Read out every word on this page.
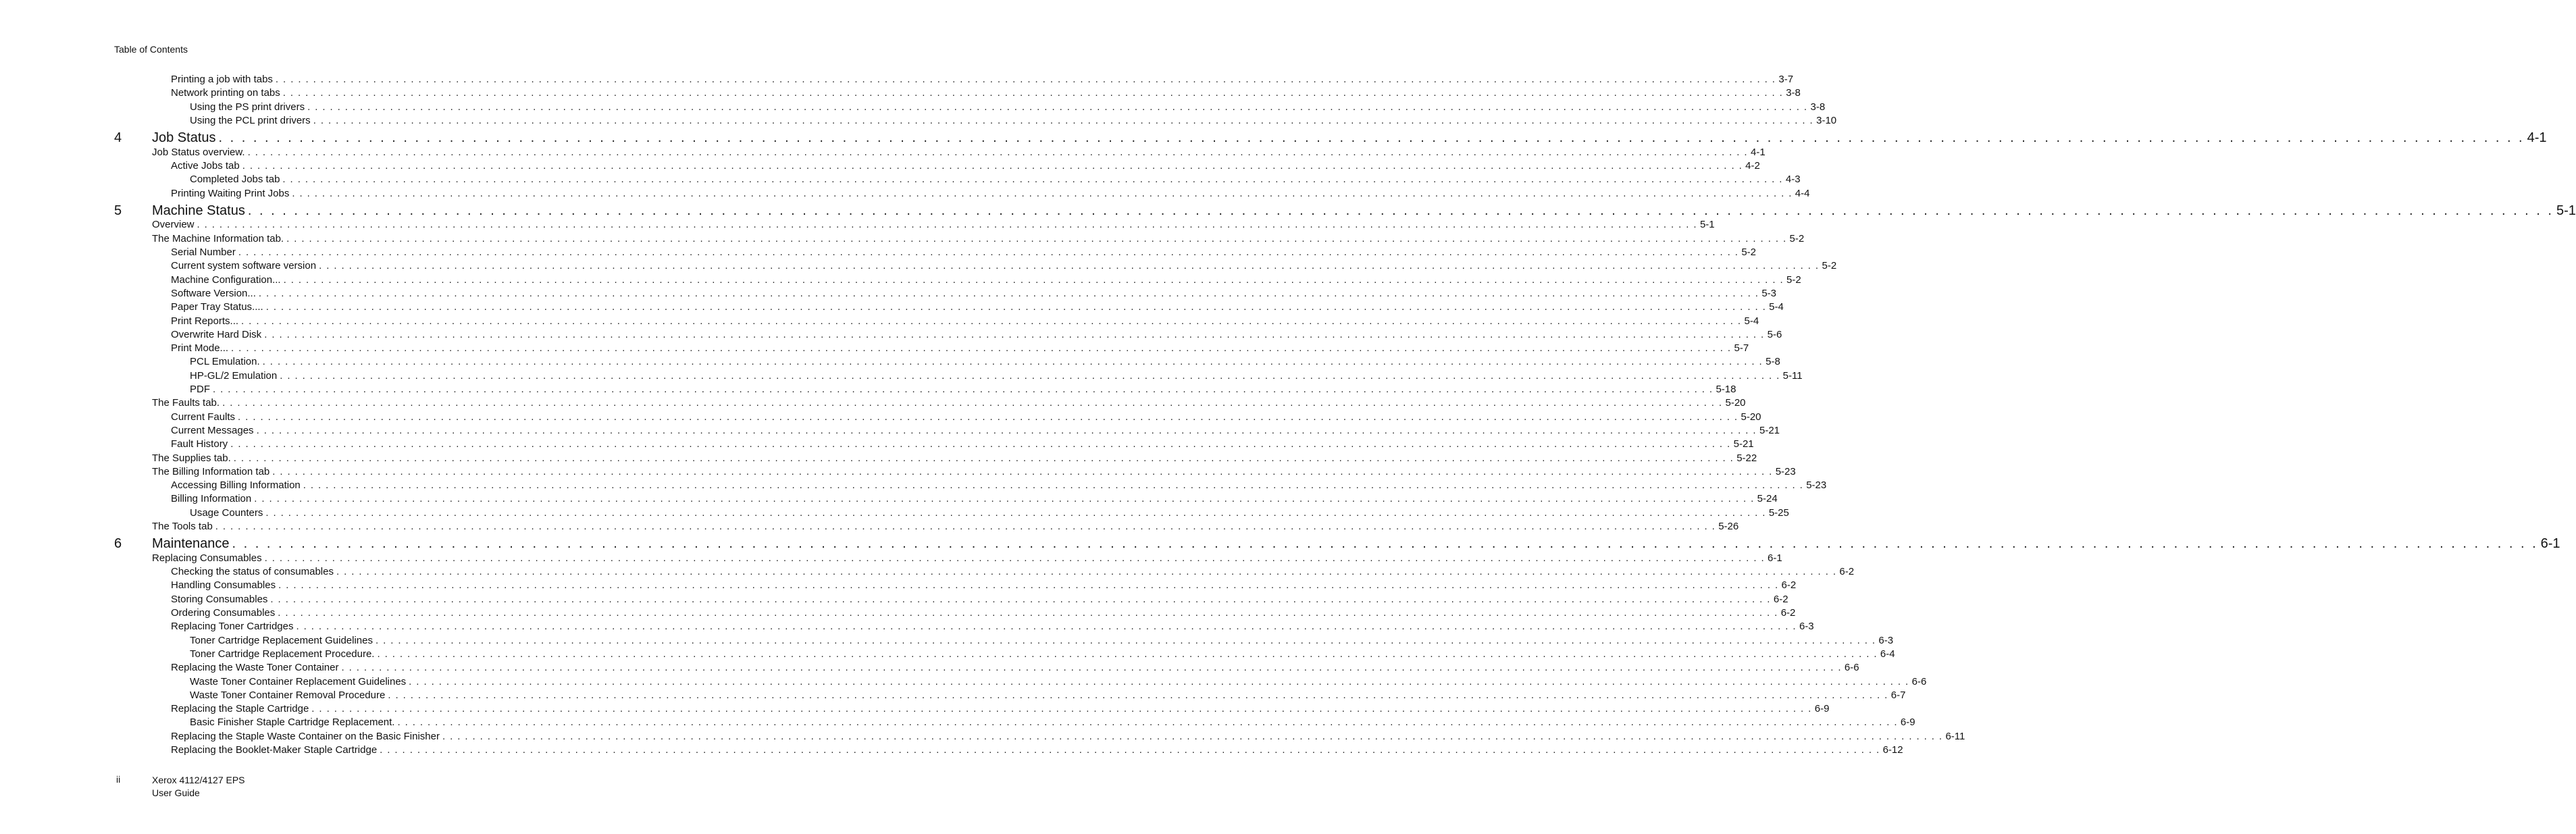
Table of Contents
Printing a job with tabs . . . . . . . . . . . . . . . . . . . . . . . . . . . . . . . . . . . . . . . . . . . . . . . . . . . . . . . . . . . . . . . . . . . . . . . . . . . . . . . . . . . . . . . . . . . . . . . . . . . . . . . . . . . . . . . . . . . . . . . . . . . . . . . . . . . . . . . . . . . . . . . . . . . . . . . . . . . . . . . . . . . . . . . . . . . . . . . . . . . . . . . . . . . . . . . . . . . . . . . . 3-7
Network printing on tabs . . . . . . . . . . . . . . . . . . . . . . . . . . . . . . . . . . . . . . . . . . . . . . . . . . . . . . . . . . . . . . . . . . . . . . . . . . . . . . . . . . . . . . . . . . . . . . . . . . . . . . . . . . . . . . . . . . . . . . . . . . . . . . . . . . . . . . . . . . . . . . . . . . . . . . . . . . . . . . . . . . . . . . . . . . . . . . . . . . . . . . . . . . . . . . . . . . . . . . . . 3-8
Using the PS print drivers . . . . . . . . . . . . . . . . . . . . . . . . . . . . . . . . . . . . . . . . . . . . . . . . . . . . . . . . . . . . . . . . . . . . . . . . . . . . . . . . . . . . . . . . . . . . . . . . . . . . . . . . . . . . . . . . . . . . . . . . . . . . . . . . . . . . . . . . . . . . . . . . . . . . . . . . . . . . . . . . . . . . . . . . . . . . . . . . . . . . . . . . . . . . . . . . . . . . . . . . 3-8
Using the PCL print drivers . . . . . . . . . . . . . . . . . . . . . . . . . . . . . . . . . . . . . . . . . . . . . . . . . . . . . . . . . . . . . . . . . . . . . . . . . . . . . . . . . . . . . . . . . . . . . . . . . . . . . . . . . . . . . . . . . . . . . . . . . . . . . . . . . . . . . . . . . . . . . . . . . . . . . . . . . . . . . . . . . . . . . . . . . . . . . . . . . . . . . . . . . . . . . . . . . . . . . . . . 3-10
4 Job Status . . . . . . . . . . . . . . . . . . . . . . . . . . . . . . . . . . . . . . . . . . . . . . . . . . . . . . . . . . . . . . . . . . . . . . . . . . . . . . . . . . . . . . . . . . . . . . . . . . . . . . . . . . . . . . . . . . . . . . . . . . . . . . . . . . . . . . . . . . . . . . . . . . . . . . . . . . . . . . . . . . . . . . . . . . . . . . . . . . . . . . . . . . . . . . . . . . . . . . . . 4-1
Job Status overview. . . . . . . . . . . . . . . . . . . . . . . . . . . . . . . . . . . . . . . . . . . . . . . . . . . . . . . . . . . . . . . . . . . . . . . . . . . . . . . . . . . . . . . . . . . . . . . . . . . . . . . . . . . . . . . . . . . . . . . . . . . . . . . . . . . . . . . . . . . . . . . . . . . . . . . . . . . . . . . . . . . . . . . . . . . . . . . . . . . . . . . . . . . . . . . . . . . . . . . . . 4-1
Active Jobs tab . . . . . . . . . . . . . . . . . . . . . . . . . . . . . . . . . . . . . . . . . . . . . . . . . . . . . . . . . . . . . . . . . . . . . . . . . . . . . . . . . . . . . . . . . . . . . . . . . . . . . . . . . . . . . . . . . . . . . . . . . . . . . . . . . . . . . . . . . . . . . . . . . . . . . . . . . . . . . . . . . . . . . . . . . . . . . . . . . . . . . . . . . . . . . . . . . . . . . . . . 4-2
Completed Jobs tab . . . . . . . . . . . . . . . . . . . . . . . . . . . . . . . . . . . . . . . . . . . . . . . . . . . . . . . . . . . . . . . . . . . . . . . . . . . . . . . . . . . . . . . . . . . . . . . . . . . . . . . . . . . . . . . . . . . . . . . . . . . . . . . . . . . . . . . . . . . . . . . . . . . . . . . . . . . . . . . . . . . . . . . . . . . . . . . . . . . . . . . . . . . . . . . . . . . . . . . . 4-3
Printing Waiting Print Jobs . . . . . . . . . . . . . . . . . . . . . . . . . . . . . . . . . . . . . . . . . . . . . . . . . . . . . . . . . . . . . . . . . . . . . . . . . . . . . . . . . . . . . . . . . . . . . . . . . . . . . . . . . . . . . . . . . . . . . . . . . . . . . . . . . . . . . . . . . . . . . . . . . . . . . . . . . . . . . . . . . . . . . . . . . . . . . . . . . . . . . . . . . . . . . . . . . . . . . . . . 4-4
5 Machine Status . . . . . . . . . . . . . . . . . . . . . . . . . . . . . . . . . . . . . . . . . . . . . . . . . . . . . . . . . . . . . . . . . . . . . . . . . . . . . . . . . . . . . . . . . . . . . . . . . . . . . . . . . . . . . . . . . . . . . . . . . . . . . . . . . . . . . . . . . . . . . . . . . . . . . . . . . . . . . . . . . . . . . . . . . . . . . . . . . . . . . . . . . . . . . . . . . . . . . . . . 5-1
Overview . . . . . . . . . . . . . . . . . . . . . . . . . . . . . . . . . . . . . . . . . . . . . . . . . . . . . . . . . . . . . . . . . . . . . . . . . . . . . . . . . . . . . . . . . . . . . . . . . . . . . . . . . . . . . . . . . . . . . . . . . . . . . . . . . . . . . . . . . . . . . . . . . . . . . . . . . . . . . . . . . . . . . . . . . . . . . . . . . . . . . . . . . . . . . . . . . . . . . . . . 5-1
The Machine Information tab. . . . . . . . . . . . . . . . . . . . . . . . . . . . . . . . . . . . . . . . . . . . . . . . . . . . . . . . . . . . . . . . . . . . . . . . . . . . . . . . . . . . . . . . . . . . . . . . . . . . . . . . . . . . . . . . . . . . . . . . . . . . . . . . . . . . . . . . . . . . . . . . . . . . . . . . . . . . . . . . . . . . . . . . . . . . . . . . . . . . . . . . . . . . . . . . . . . . . . . . . 5-2
Serial Number . . . . . . . . . . . . . . . . . . . . . . . . . . . . . . . . . . . . . . . . . . . . . . . . . . . . . . . . . . . . . . . . . . . . . . . . . . . . . . . . . . . . . . . . . . . . . . . . . . . . . . . . . . . . . . . . . . . . . . . . . . . . . . . . . . . . . . . . . . . . . . . . . . . . . . . . . . . . . . . . . . . . . . . . . . . . . . . . . . . . . . . . . . . . . . . . . . . . . . . . 5-2
Current system software version . . . . . . . . . . . . . . . . . . . . . . . . . . . . . . . . . . . . . . . . . . . . . . . . . . . . . . . . . . . . . . . . . . . . . . . . . . . . . . . . . . . . . . . . . . . . . . . . . . . . . . . . . . . . . . . . . . . . . . . . . . . . . . . . . . . . . . . . . . . . . . . . . . . . . . . . . . . . . . . . . . . . . . . . . . . . . . . . . . . . . . . . . . . . . . . . . . . . . . . . 5-2
Machine Configuration... . . . . . . . . . . . . . . . . . . . . . . . . . . . . . . . . . . . . . . . . . . . . . . . . . . . . . . . . . . . . . . . . . . . . . . . . . . . . . . . . . . . . . . . . . . . . . . . . . . . . . . . . . . . . . . . . . . . . . . . . . . . . . . . . . . . . . . . . . . . . . . . . . . . . . . . . . . . . . . . . . . . . . . . . . . . . . . . . . . . . . . . . . . . . . . . . . . . . . . . . 5-2
Software Version... . . . . . . . . . . . . . . . . . . . . . . . . . . . . . . . . . . . . . . . . . . . . . . . . . . . . . . . . . . . . . . . . . . . . . . . . . . . . . . . . . . . . . . . . . . . . . . . . . . . . . . . . . . . . . . . . . . . . . . . . . . . . . . . . . . . . . . . . . . . . . . . . . . . . . . . . . . . . . . . . . . . . . . . . . . . . . . . . . . . . . . . . . . . . . . . . . . . . . . . . 5-3
Paper Tray Status.... . . . . . . . . . . . . . . . . . . . . . . . . . . . . . . . . . . . . . . . . . . . . . . . . . . . . . . . . . . . . . . . . . . . . . . . . . . . . . . . . . . . . . . . . . . . . . . . . . . . . . . . . . . . . . . . . . . . . . . . . . . . . . . . . . . . . . . . . . . . . . . . . . . . . . . . . . . . . . . . . . . . . . . . . . . . . . . . . . . . . . . . . . . . . . . . . . . . . . . . . 5-4
Print Reports... . . . . . . . . . . . . . . . . . . . . . . . . . . . . . . . . . . . . . . . . . . . . . . . . . . . . . . . . . . . . . . . . . . . . . . . . . . . . . . . . . . . . . . . . . . . . . . . . . . . . . . . . . . . . . . . . . . . . . . . . . . . . . . . . . . . . . . . . . . . . . . . . . . . . . . . . . . . . . . . . . . . . . . . . . . . . . . . . . . . . . . . . . . . . . . . . . . . . . . . . 5-4
Overwrite Hard Disk . . . . . . . . . . . . . . . . . . . . . . . . . . . . . . . . . . . . . . . . . . . . . . . . . . . . . . . . . . . . . . . . . . . . . . . . . . . . . . . . . . . . . . . . . . . . . . . . . . . . . . . . . . . . . . . . . . . . . . . . . . . . . . . . . . . . . . . . . . . . . . . . . . . . . . . . . . . . . . . . . . . . . . . . . . . . . . . . . . . . . . . . . . . . . . . . . . . . . . . . 5-6
Print Mode... . . . . . . . . . . . . . . . . . . . . . . . . . . . . . . . . . . . . . . . . . . . . . . . . . . . . . . . . . . . . . . . . . . . . . . . . . . . . . . . . . . . . . . . . . . . . . . . . . . . . . . . . . . . . . . . . . . . . . . . . . . . . . . . . . . . . . . . . . . . . . . . . . . . . . . . . . . . . . . . . . . . . . . . . . . . . . . . . . . . . . . . . . . . . . . . . . . . . . . . . 5-7
PCL Emulation. . . . . . . . . . . . . . . . . . . . . . . . . . . . . . . . . . . . . . . . . . . . . . . . . . . . . . . . . . . . . . . . . . . . . . . . . . . . . . . . . . . . . . . . . . . . . . . . . . . . . . . . . . . . . . . . . . . . . . . . . . . . . . . . . . . . . . . . . . . . . . . . . . . . . . . . . . . . . . . . . . . . . . . . . . . . . . . . . . . . . . . . . . . . . . . . . . . . . . . . . 5-8
HP-GL/2 Emulation . . . . . . . . . . . . . . . . . . . . . . . . . . . . . . . . . . . . . . . . . . . . . . . . . . . . . . . . . . . . . . . . . . . . . . . . . . . . . . . . . . . . . . . . . . . . . . . . . . . . . . . . . . . . . . . . . . . . . . . . . . . . . . . . . . . . . . . . . . . . . . . . . . . . . . . . . . . . . . . . . . . . . . . . . . . . . . . . . . . . . . . . . . . . . . . . . . . . . . . . 5-11
PDF . . . . . . . . . . . . . . . . . . . . . . . . . . . . . . . . . . . . . . . . . . . . . . . . . . . . . . . . . . . . . . . . . . . . . . . . . . . . . . . . . . . . . . . . . . . . . . . . . . . . . . . . . . . . . . . . . . . . . . . . . . . . . . . . . . . . . . . . . . . . . . . . . . . . . . . . . . . . . . . . . . . . . . . . . . . . . . . . . . . . . . . . . . . . . . . . . . . . . . . . 5-18
The Faults tab. . . . . . . . . . . . . . . . . . . . . . . . . . . . . . . . . . . . . . . . . . . . . . . . . . . . . . . . . . . . . . . . . . . . . . . . . . . . . . . . . . . . . . . . . . . . . . . . . . . . . . . . . . . . . . . . . . . . . . . . . . . . . . . . . . . . . . . . . . . . . . . . . . . . . . . . . . . . . . . . . . . . . . . . . . . . . . . . . . . . . . . . . . . . . . . . . . . . . . . . . 5-20
Current Faults . . . . . . . . . . . . . . . . . . . . . . . . . . . . . . . . . . . . . . . . . . . . . . . . . . . . . . . . . . . . . . . . . . . . . . . . . . . . . . . . . . . . . . . . . . . . . . . . . . . . . . . . . . . . . . . . . . . . . . . . . . . . . . . . . . . . . . . . . . . . . . . . . . . . . . . . . . . . . . . . . . . . . . . . . . . . . . . . . . . . . . . . . . . . . . . . . . . . . . . . 5-20
Current Messages . . . . . . . . . . . . . . . . . . . . . . . . . . . . . . . . . . . . . . . . . . . . . . . . . . . . . . . . . . . . . . . . . . . . . . . . . . . . . . . . . . . . . . . . . . . . . . . . . . . . . . . . . . . . . . . . . . . . . . . . . . . . . . . . . . . . . . . . . . . . . . . . . . . . . . . . . . . . . . . . . . . . . . . . . . . . . . . . . . . . . . . . . . . . . . . . . . . . . . . . 5-21
Fault History . . . . . . . . . . . . . . . . . . . . . . . . . . . . . . . . . . . . . . . . . . . . . . . . . . . . . . . . . . . . . . . . . . . . . . . . . . . . . . . . . . . . . . . . . . . . . . . . . . . . . . . . . . . . . . . . . . . . . . . . . . . . . . . . . . . . . . . . . . . . . . . . . . . . . . . . . . . . . . . . . . . . . . . . . . . . . . . . . . . . . . . . . . . . . . . . . . . . . . . . 5-21
The Supplies tab. . . . . . . . . . . . . . . . . . . . . . . . . . . . . . . . . . . . . . . . . . . . . . . . . . . . . . . . . . . . . . . . . . . . . . . . . . . . . . . . . . . . . . . . . . . . . . . . . . . . . . . . . . . . . . . . . . . . . . . . . . . . . . . . . . . . . . . . . . . . . . . . . . . . . . . . . . . . . . . . . . . . . . . . . . . . . . . . . . . . . . . . . . . . . . . . . . . . . . . . . 5-22
The Billing Information tab . . . . . . . . . . . . . . . . . . . . . . . . . . . . . . . . . . . . . . . . . . . . . . . . . . . . . . . . . . . . . . . . . . . . . . . . . . . . . . . . . . . . . . . . . . . . . . . . . . . . . . . . . . . . . . . . . . . . . . . . . . . . . . . . . . . . . . . . . . . . . . . . . . . . . . . . . . . . . . . . . . . . . . . . . . . . . . . . . . . . . . . . . . . . . . . . . . . . . . . . 5-23
Accessing Billing Information . . . . . . . . . . . . . . . . . . . . . . . . . . . . . . . . . . . . . . . . . . . . . . . . . . . . . . . . . . . . . . . . . . . . . . . . . . . . . . . . . . . . . . . . . . . . . . . . . . . . . . . . . . . . . . . . . . . . . . . . . . . . . . . . . . . . . . . . . . . . . . . . . . . . . . . . . . . . . . . . . . . . . . . . . . . . . . . . . . . . . . . . . . . . . . . . . . . . . . . . 5-23
Billing Information . . . . . . . . . . . . . . . . . . . . . . . . . . . . . . . . . . . . . . . . . . . . . . . . . . . . . . . . . . . . . . . . . . . . . . . . . . . . . . . . . . . . . . . . . . . . . . . . . . . . . . . . . . . . . . . . . . . . . . . . . . . . . . . . . . . . . . . . . . . . . . . . . . . . . . . . . . . . . . . . . . . . . . . . . . . . . . . . . . . . . . . . . . . . . . . . . . . . . . . . 5-24
Usage Counters . . . . . . . . . . . . . . . . . . . . . . . . . . . . . . . . . . . . . . . . . . . . . . . . . . . . . . . . . . . . . . . . . . . . . . . . . . . . . . . . . . . . . . . . . . . . . . . . . . . . . . . . . . . . . . . . . . . . . . . . . . . . . . . . . . . . . . . . . . . . . . . . . . . . . . . . . . . . . . . . . . . . . . . . . . . . . . . . . . . . . . . . . . . . . . . . . . . . . . . . 5-25
The Tools tab . . . . . . . . . . . . . . . . . . . . . . . . . . . . . . . . . . . . . . . . . . . . . . . . . . . . . . . . . . . . . . . . . . . . . . . . . . . . . . . . . . . . . . . . . . . . . . . . . . . . . . . . . . . . . . . . . . . . . . . . . . . . . . . . . . . . . . . . . . . . . . . . . . . . . . . . . . . . . . . . . . . . . . . . . . . . . . . . . . . . . . . . . . . . . . . . . . . . . . . . 5-26
6 Maintenance . . . . . . . . . . . . . . . . . . . . . . . . . . . . . . . . . . . . . . . . . . . . . . . . . . . . . . . . . . . . . . . . . . . . . . . . . . . . . . . . . . . . . . . . . . . . . . . . . . . . . . . . . . . . . . . . . . . . . . . . . . . . . . . . . . . . . . . . . . . . . . . . . . . . . . . . . . . . . . . . . . . . . . . . . . . . . . . . . . . . . . . . . . . . . . . . . . . . . . . . 6-1
Replacing Consumables . . . . . . . . . . . . . . . . . . . . . . . . . . . . . . . . . . . . . . . . . . . . . . . . . . . . . . . . . . . . . . . . . . . . . . . . . . . . . . . . . . . . . . . . . . . . . . . . . . . . . . . . . . . . . . . . . . . . . . . . . . . . . . . . . . . . . . . . . . . . . . . . . . . . . . . . . . . . . . . . . . . . . . . . . . . . . . . . . . . . . . . . . . . . . . . . . . . . . . . . 6-1
Checking the status of consumables . . . . . . . . . . . . . . . . . . . . . . . . . . . . . . . . . . . . . . . . . . . . . . . . . . . . . . . . . . . . . . . . . . . . . . . . . . . . . . . . . . . . . . . . . . . . . . . . . . . . . . . . . . . . . . . . . . . . . . . . . . . . . . . . . . . . . . . . . . . . . . . . . . . . . . . . . . . . . . . . . . . . . . . . . . . . . . . . . . . . . . . . . . . . . . . . . . . . . . . . 6-2
Handling Consumables . . . . . . . . . . . . . . . . . . . . . . . . . . . . . . . . . . . . . . . . . . . . . . . . . . . . . . . . . . . . . . . . . . . . . . . . . . . . . . . . . . . . . . . . . . . . . . . . . . . . . . . . . . . . . . . . . . . . . . . . . . . . . . . . . . . . . . . . . . . . . . . . . . . . . . . . . . . . . . . . . . . . . . . . . . . . . . . . . . . . . . . . . . . . . . . . . . . . . . . . 6-2
Storing Consumables . . . . . . . . . . . . . . . . . . . . . . . . . . . . . . . . . . . . . . . . . . . . . . . . . . . . . . . . . . . . . . . . . . . . . . . . . . . . . . . . . . . . . . . . . . . . . . . . . . . . . . . . . . . . . . . . . . . . . . . . . . . . . . . . . . . . . . . . . . . . . . . . . . . . . . . . . . . . . . . . . . . . . . . . . . . . . . . . . . . . . . . . . . . . . . . . . . . . . . . . 6-2
Ordering Consumables . . . . . . . . . . . . . . . . . . . . . . . . . . . . . . . . . . . . . . . . . . . . . . . . . . . . . . . . . . . . . . . . . . . . . . . . . . . . . . . . . . . . . . . . . . . . . . . . . . . . . . . . . . . . . . . . . . . . . . . . . . . . . . . . . . . . . . . . . . . . . . . . . . . . . . . . . . . . . . . . . . . . . . . . . . . . . . . . . . . . . . . . . . . . . . . . . . . . . . . . 6-2
Replacing Toner Cartridges . . . . . . . . . . . . . . . . . . . . . . . . . . . . . . . . . . . . . . . . . . . . . . . . . . . . . . . . . . . . . . . . . . . . . . . . . . . . . . . . . . . . . . . . . . . . . . . . . . . . . . . . . . . . . . . . . . . . . . . . . . . . . . . . . . . . . . . . . . . . . . . . . . . . . . . . . . . . . . . . . . . . . . . . . . . . . . . . . . . . . . . . . . . . . . . . . . . . . . . . 6-3
Toner Cartridge Replacement Guidelines . . . . . . . . . . . . . . . . . . . . . . . . . . . . . . . . . . . . . . . . . . . . . . . . . . . . . . . . . . . . . . . . . . . . . . . . . . . . . . . . . . . . . . . . . . . . . . . . . . . . . . . . . . . . . . . . . . . . . . . . . . . . . . . . . . . . . . . . . . . . . . . . . . . . . . . . . . . . . . . . . . . . . . . . . . . . . . . . . . . . . . . . . . . . . . . . . . . . . . . . 6-3
Toner Cartridge Replacement Procedure. . . . . . . . . . . . . . . . . . . . . . . . . . . . . . . . . . . . . . . . . . . . . . . . . . . . . . . . . . . . . . . . . . . . . . . . . . . . . . . . . . . . . . . . . . . . . . . . . . . . . . . . . . . . . . . . . . . . . . . . . . . . . . . . . . . . . . . . . . . . . . . . . . . . . . . . . . . . . . . . . . . . . . . . . . . . . . . . . . . . . . . . . . . . . . . . . . . . . . . . . 6-4
Replacing the Waste Toner Container . . . . . . . . . . . . . . . . . . . . . . . . . . . . . . . . . . . . . . . . . . . . . . . . . . . . . . . . . . . . . . . . . . . . . . . . . . . . . . . . . . . . . . . . . . . . . . . . . . . . . . . . . . . . . . . . . . . . . . . . . . . . . . . . . . . . . . . . . . . . . . . . . . . . . . . . . . . . . . . . . . . . . . . . . . . . . . . . . . . . . . . . . . . . . . . . . . . . . . . . 6-6
Waste Toner Container Replacement Guidelines . . . . . . . . . . . . . . . . . . . . . . . . . . . . . . . . . . . . . . . . . . . . . . . . . . . . . . . . . . . . . . . . . . . . . . . . . . . . . . . . . . . . . . . . . . . . . . . . . . . . . . . . . . . . . . . . . . . . . . . . . . . . . . . . . . . . . . . . . . . . . . . . . . . . . . . . . . . . . . . . . . . . . . . . . . . . . . . . . . . . . . . . . . . . . . . . . . . . . . . . 6-6
Waste Toner Container Removal Procedure . . . . . . . . . . . . . . . . . . . . . . . . . . . . . . . . . . . . . . . . . . . . . . . . . . . . . . . . . . . . . . . . . . . . . . . . . . . . . . . . . . . . . . . . . . . . . . . . . . . . . . . . . . . . . . . . . . . . . . . . . . . . . . . . . . . . . . . . . . . . . . . . . . . . . . . . . . . . . . . . . . . . . . . . . . . . . . . . . . . . . . . . . . . . . . . . . . . . . . . . 6-7
Replacing the Staple Cartridge . . . . . . . . . . . . . . . . . . . . . . . . . . . . . . . . . . . . . . . . . . . . . . . . . . . . . . . . . . . . . . . . . . . . . . . . . . . . . . . . . . . . . . . . . . . . . . . . . . . . . . . . . . . . . . . . . . . . . . . . . . . . . . . . . . . . . . . . . . . . . . . . . . . . . . . . . . . . . . . . . . . . . . . . . . . . . . . . . . . . . . . . . . . . . . . . . . . . . . . . 6-9
Basic Finisher Staple Cartridge Replacement. . . . . . . . . . . . . . . . . . . . . . . . . . . . . . . . . . . . . . . . . . . . . . . . . . . . . . . . . . . . . . . . . . . . . . . . . . . . . . . . . . . . . . . . . . . . . . . . . . . . . . . . . . . . . . . . . . . . . . . . . . . . . . . . . . . . . . . . . . . . . . . . . . . . . . . . . . . . . . . . . . . . . . . . . . . . . . . . . . . . . . . . . . . . . . . . . . . . . . . . . 6-9
Replacing the Staple Waste Container on the Basic Finisher . . . . . . . . . . . . . . . . . . . . . . . . . . . . . . . . . . . . . . . . . . . . . . . . . . . . . . . . . . . . . . . . . . . . . . . . . . . . . . . . . . . . . . . . . . . . . . . . . . . . . . . . . . . . . . . . . . . . . . . . . . . . . . . . . . . . . . . . . . . . . . . . . . . . . . . . . . . . . . . . . . . . . . . . . . . . . . . . . . . . . . . . . . . . . . . . . . . . . . . . 6-11
Replacing the Booklet-Maker Staple Cartridge . . . . . . . . . . . . . . . . . . . . . . . . . . . . . . . . . . . . . . . . . . . . . . . . . . . . . . . . . . . . . . . . . . . . . . . . . . . . . . . . . . . . . . . . . . . . . . . . . . . . . . . . . . . . . . . . . . . . . . . . . . . . . . . . . . . . . . . . . . . . . . . . . . . . . . . . . . . . . . . . . . . . . . . . . . . . . . . . . . . . . . . . . . . . . . . . . . . . . . . . 6-12
ii	Xerox 4112/4127 EPS
User Guide
